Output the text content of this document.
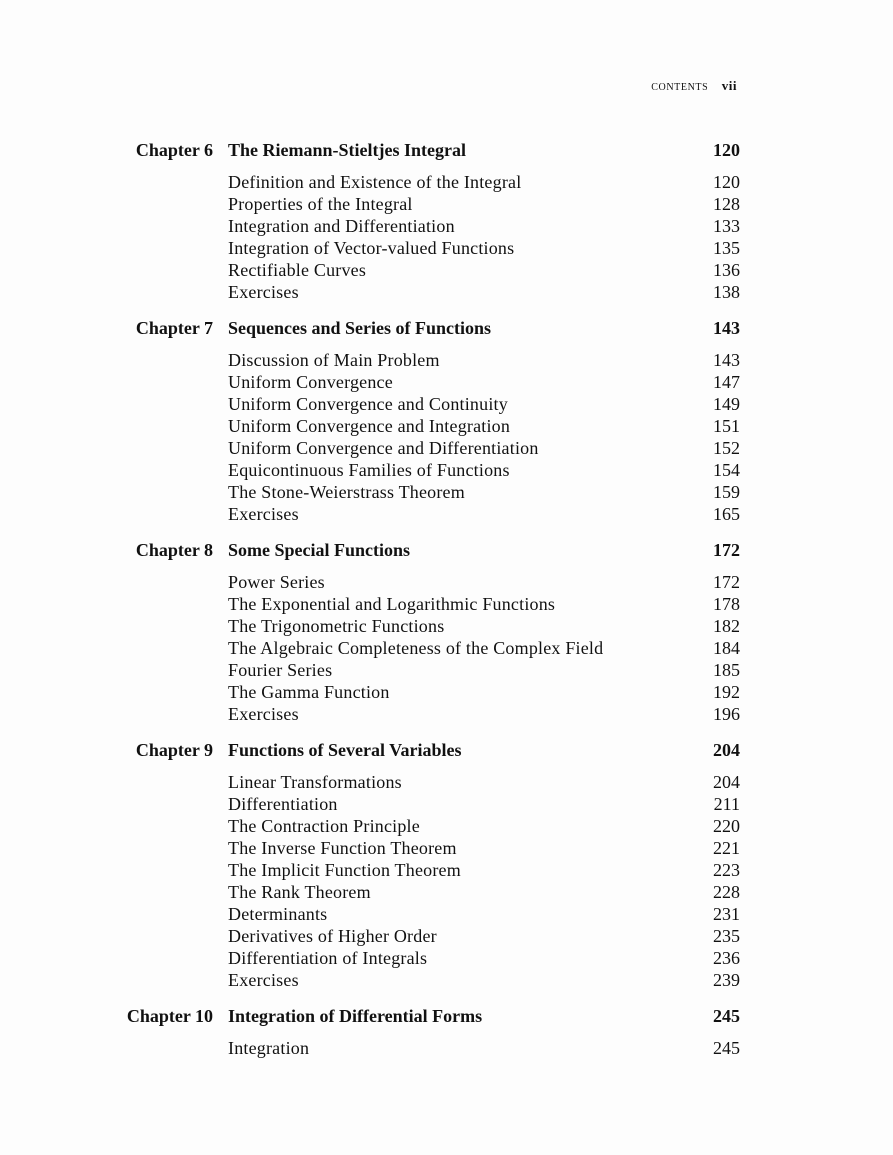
CONTENTS vii
Chapter 6 The Riemann-Stieltjes Integral	120
Definition and Existence of the Integral	120
Properties of the Integral	128
Integration and Differentiation	133
Integration of Vector-valued Functions	135
Rectifiable Curves	136
Exercises	138
Chapter 7 Sequences and Series of Functions	143
Discussion of Main Problem	143
Uniform Convergence	147
Uniform Convergence and Continuity	149
Uniform Convergence and Integration	151
Uniform Convergence and Differentiation	152
Equicontinuous Families of Functions	154
The Stone-Weierstrass Theorem	159
Exercises	165
Chapter 8 Some Special Functions	172
Power Series	172
The Exponential and Logarithmic Functions	178
The Trigonometric Functions	182
The Algebraic Completeness of the Complex Field	184
Fourier Series	185
The Gamma Function	192
Exercises	196
Chapter 9 Functions of Several Variables	204
Linear Transformations	204
Differentiation	211
The Contraction Principle	220
The Inverse Function Theorem	221
The Implicit Function Theorem	223
The Rank Theorem	228
Determinants	231
Derivatives of Higher Order	235
Differentiation of Integrals	236
Exercises	239
Chapter 10 Integration of Differential Forms	245
Integration	245
